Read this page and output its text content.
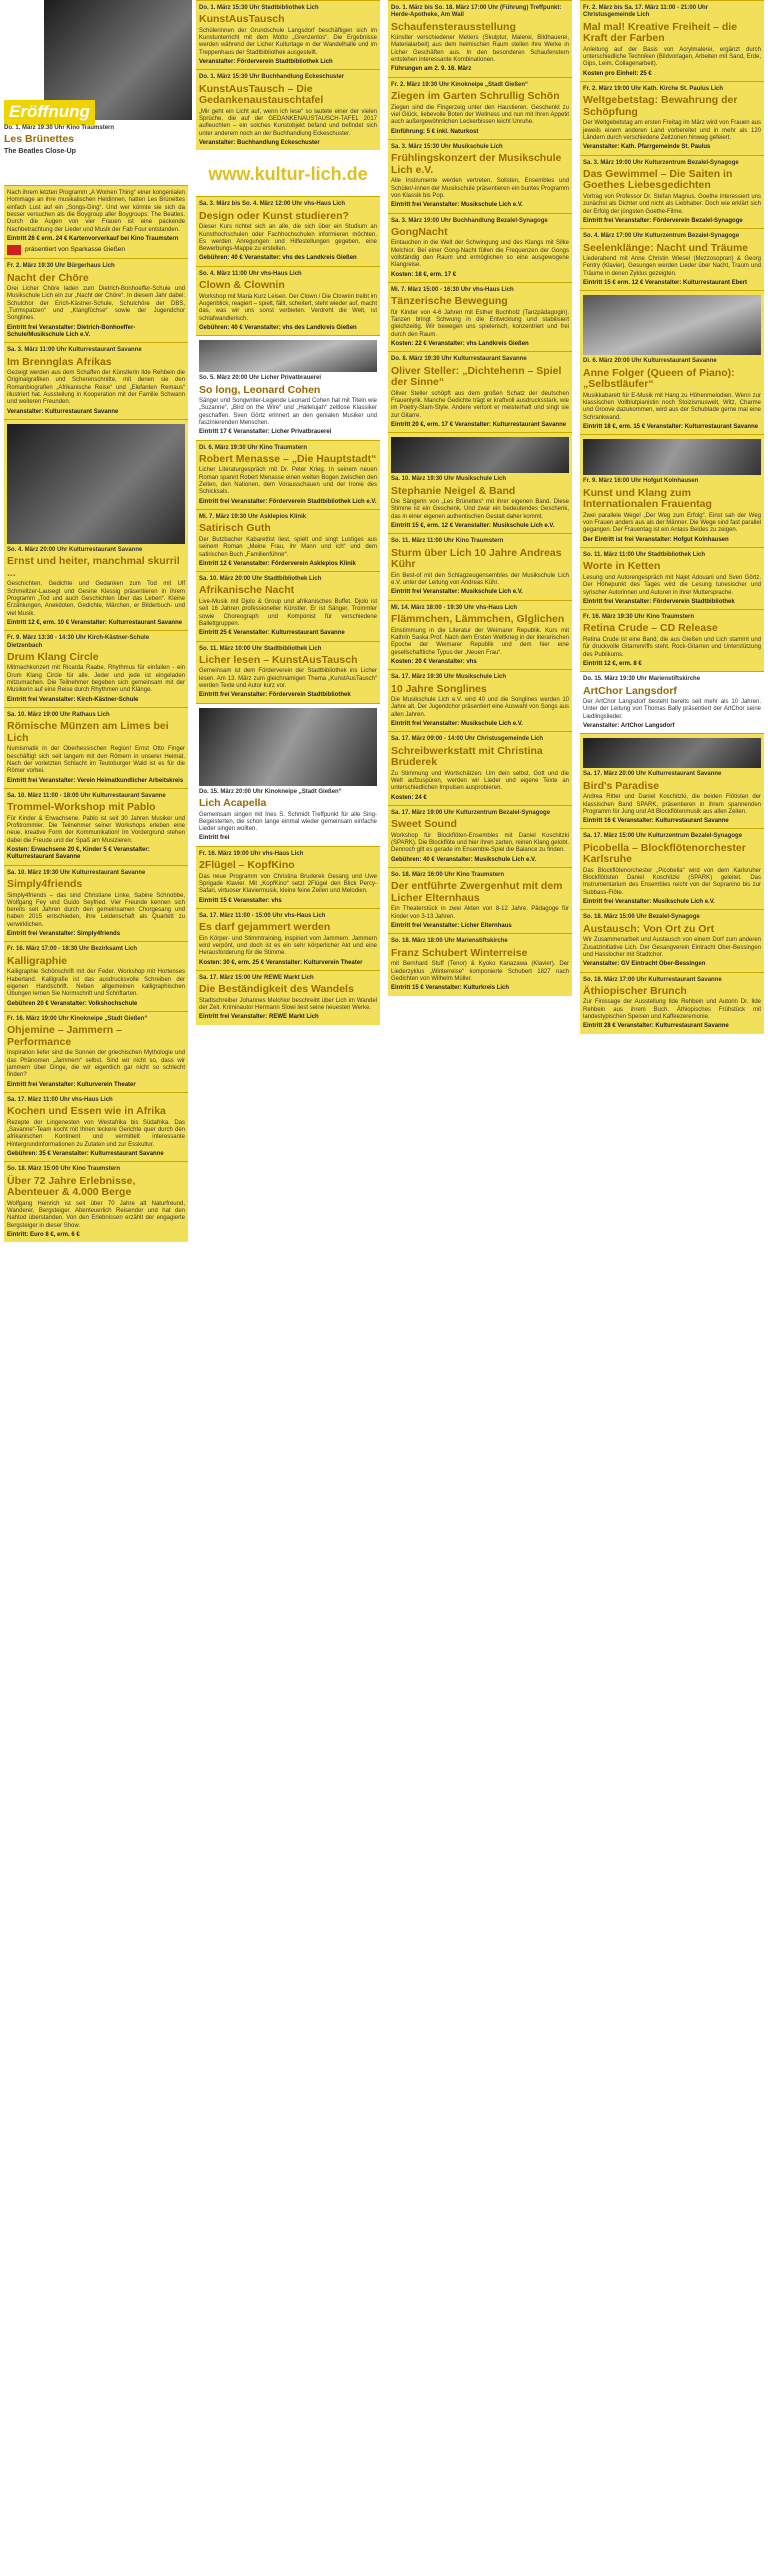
Eröffnung
Do. 1. März 19:30 Uhr Kino Traumstern
Les Brünettes
The Beatles Close-Up
Nach ihrem letzten Programm „A Women Thing“ einer kongenialen Hommage an ihre musikalischen Heldinnen, hatten Les Brünettes einfach Lust auf ein „Songs-Ding“. Und wer könnte sie sich da besser versuchen als die Boygroup aller Boygroups: The Beatles. Durch die Augen von vier Frauen ist eine packende Nachbetrachtung der Lieder und Musik der Fab Four entstanden.
Eintritt 26 € erm. 24 € Kartenvorverkauf bei Kino Traumstern
präsentiert von Sparkasse Gießen
Fr. 2. März 19:30 Uhr Bürgerhaus Lich
Nacht der Chöre
Drei Licher Chöre laden zum Dietrich-Bonhoeffer-Schule und Musikschule Lich ein zur „Nacht der Chöre“. In diesem Jahr dabei: Schulchor der Erich-Kästner-Schule, Schulchöre der DBS, „Turmspatzen“ und „Klangfüchse“ sowie der Jugendchor Songlines.
Eintritt frei Veranstalter: Dietrich-Bonhoeffer-Schule/Musikschule Lich e.V.
Sa. 3. März 11:00 Uhr Kulturrestaurant Savanne
Im Brennglas Afrikas
Gezeigt werden aus dem Schaffen der Künstlerin Ilde Rehbein die Originalgrafiken und Scherenschnitte, mit denen sie den Romanbiografien „Afrikanische Reise“ und „Elefanten Remaus“ illustriert hat. Ausstellung in Kooperation mit der Familie Schwann und weiteren Freunden.
Veranstalter: Kulturrestaurant Savanne
So. 4. März 20:00 Uhr Kulturrestaurant Savanne
Ernst und heiter, manchmal skurril ...
Geschichten, Gedichte und Gedanken zum Tod mit Ulf Schmeltzer-Lausegt und Gesine Klessig präsentieren in ihrem Programm „Tod und auch Geschichten über das Leben“. Kleine Erzählungen, Anekdoten, Gedichte, Märchen, er Bilderbuch- und viel Musik.
Eintritt 12 €, erm. 10 € Veranstalter: Kulturrestaurant Savanne
Fr. 9. März 13:30 - 14:30 Uhr Kirch-Kästner-Schule Dietzenbach
Drum Klang Circle
Mitmachkonzert mit Ricarda Raabe. Rhythmus für einfallen - ein Drum Klang Circle für alle. Jeder und jede ist eingeladen mitzumachen. Die Teilnehmer begeben sich gemeinsam mit der Musikerin auf eine Reise durch Rhythmen und Klänge.
Eintritt frei Veranstalter: Kirch-Kästner-Schule
Sa. 10. März 19:00 Uhr Rathaus Lich
Römische Münzen am Limes bei Lich
Numismatik in der Oberhessischen Region! Ernst Otto Finger beschäftigt sich seit langem mit den Römern in unserer Heimat. Nach der vorletzten Schlacht im Teutoburger Wald ist es für die Römer vorbei.
Eintritt frei Veranstalter: Verein Heimatkundlicher Arbeitskreis
Sa. 10. März 11:00 - 18:00 Uhr Kulturrestaurant Savanne
Trommel-Workshop mit Pablo
Für Kinder & Erwachsene. Pablo ist seit 30 Jahren Musiker und Profitrommler. Die Teilnehmer seiner Workshops erleben eine neue, kreative Form der Kommunikation! Im Vordergrund stehen dabei die Freude und der Spaß am Musizieren.
Kosten: Erwachsene 20 €, Kinder 5 € Veranstalter: Kulturrestaurant Savanne
Sa. 10. März 19:30 Uhr Kulturrestaurant Savanne
Simply4friends
Simply4friends – das sind Christiane Linke, Sabine Schnobbe, Wolfgang Fey und Guido Seyfried. Vier Freunde kennen sich bereits seit Jahren durch den gemeinsamen Chorgesang und haben 2015 entschieden, ihre Leidenschaft als Quartett zu verwirklichen.
Eintritt frei Veranstalter: Simply4friends
Fr. 16. März 17:00 - 18:30 Uhr Bezirksamt Lich
Kalligraphie
Kalligraphie Schönschrift mit der Feder. Workshop mit Hortenses Haberland. Kalligrafie ist das ausdrucksvolle Schreiben der eigenen Handschrift. Neben allgemeinen kalligraphischen Übungen lernen Sie Normschrift und Schriftarten.
Gebühren 20 € Veranstalter: Volkshochschule
Fr. 16. März 19:00 Uhr Kinokneipe „Stadt Gießen“
Ohjemine – Jammern – Performance
Inspiration liefer sind die Sonnen der griechischen Mythologie und das Phänomen „Jammern“ selbst. Sind wir nicht so, dass wir jammern über Dinge, die wir eigentlich gar nicht so schlecht finden?
Eintritt frei Veranstalter: Kulturverein Theater
Sa. 17. März 11:00 Uhr vhs-Haus Lich
Kochen und Essen wie in Afrika
Rezepte der Lingenesten von Westafrika bis Südafrika. Das „Savanne“-Team kocht mit Ihnen leckere Gerichte quer durch den afrikanischen Kontinent und vermittelt interessante Hintergrundinformationen zu Zutaten und zur Esskultur.
Gebühren: 35 € Veranstalter: Kulturrestaurant Savanne
So. 18. März 15:00 Uhr Kino Traumstern
Über 72 Jahre Erlebnisse, Abenteuer & 4.000 Berge
Wolfgang Heinrich ist seit über 70 Jahre alt Naturfreund, Wanderer, Bergsteiger. Abenteuerlich Reisender und hat den Nahtod überstanden. Von den Erlebnissen erzählt der engagierte Bergsteiger in dieser Show.
Eintritt: Euro 8 €, erm. 6 €
Do. 1. März 15:30 Uhr Stadtbibliothek Lich
KunstAusTausch
Schülerinnen der Grundschule Langsdorf beschäftigen sich im Kunstunterricht mit dem Motto „Grenzenlos“. Die Ergebnisse werden während der Licher Kulturtage in der Wandelhalle und im Treppenhaus der Stadtbibliothek ausgestellt.
Veranstalter: Förderverein Stadtbibliothek Lich
Do. 1. März 15:30 Uhr Buchhandlung Eckeschuster
KunstAusTausch – Die Gedankenaustauschtafel
„Mir geht ein Licht auf, wenn ich lese“ so lautete einer der vielen Sprüche, die auf der GEDANKENAUSTAUSCH-TAFEL 2017 aufleuchten – ein solches Kunstobjekt befand und befindet sich unter anderem noch an der Buchhandlung Eckeschuster.
Veranstalter: Buchhandlung Eckeschuster
www.kultur-lich.de
Sa. 3. März bis So. 4. März 12:00 Uhr vhs-Haus Lich
Design oder Kunst studieren?
Dieser Kurs richtet sich an alle, die sich über ein Studium an Kunsthochschulen oder Fachhochschulen informieren möchten. Es werden Anregungen und Hilfestellungen gegeben, eine Bewerbungs-Mappe zu erstellen.
Gebühren: 40 € Veranstalter: vhs des Landkreis Gießen
So. 4. März 11:00 Uhr vhs-Haus Lich
Clown & Clownin
Workshop mit Maria Kurz Leisen. Der Clown / Die Clownin treibt im Augenblick, reagiert – spielt, fällt, scheitert, steht wieder auf, macht das, was wir uns sonst verbieten. Verdreht die Welt, ist schlafwandlerisch.
Gebühren: 40 € Veranstalter: vhs des Landkreis Gießen
So. 5. März 20:00 Uhr Licher Privatbrauerei
So long, Leonard Cohen
Sänger und Songwriter-Legende Leonard Cohen hat mit Titeln wie „Suzanne“, „Bird on the Wire“ und „Hallelujah“ zeitlose Klassiker geschaffen. Sven Görtz erinnert an den genialen Musiker und faszinierenden Menschen.
Eintritt 17 € Veranstalter: Licher Privatbrauerei
Di. 6. März 19:30 Uhr Kino Traumstern
Robert Menasse – „Die Hauptstadt“
Licher Literaturgespräch mit Dr. Peter Krieg. In seinem neuen Roman spannt Robert Menasse einen weiten Bogen zwischen den Zeiten, den Nationen, dem Vorausschauen und der Ironie des Schicksals.
Eintritt frei Veranstalter: Förderverein Stadtbibliothek Lich e.V.
Mi. 7. März 19:30 Uhr Asklepios Klinik
Satirisch Guth
Der Butzbacher Kabarettist liest, spielt und singt Lustiges aus seinem Roman „Meine Frau, ihr Mann und ich“ und dem satirischen Buch „Familienführer“.
Eintritt 12 € Veranstalter: Förderverein Asklepios Klinik
Sa. 10. März 20:00 Uhr Stadtbibliothek Lich
Afrikanische Nacht
Live-Musik mit Djolo & Group und afrikanisches Buffet. Djolo ist seit 16 Jahren professioneller Künstler. Er ist Sänger, Trommler sowie Choreograph und Komponist für verschiedene Ballettgruppen.
Eintritt 25 € Veranstalter: Kulturrestaurant Savanne
So. 11. März 10:00 Uhr Stadtbibliothek Lich
Licher lesen – KunstAusTausch
Gemeinsam ist dem Förderverein der Stadtbibliothek ins Licher lesen. Am 13. März zum gleichnamigen Thema „KunstAusTausch“ werden Texte und Autor kurz vor.
Eintritt frei Veranstalter: Förderverein Stadtbibliothek
Do. 15. März 20:00 Uhr Kinokneipe „Stadt Gießen“
Lich Acapella
Gemeinsam singen mit Ines S. Schmidt Treffpunkt für alle Sing-Begeisterten, die schon lange einmal wieder gemeinsam einfache Lieder singen wollten.
Eintritt frei
Fr. 16. März 19:00 Uhr vhs-Haus Lich
2Flügel – KopfKino
Das neue Programm von Christina Bruderek Gesang und Uwe Sprigade Klavier. Mit „KopfKino“ setzt 2Flügel den Blick Percy-Safari, virtuoser Klaviermusik, kleine feine Zeilen und Melodien.
Eintritt 15 € Veranstalter: vhs
Sa. 17. März 11:00 - 15:00 Uhr vhs-Haus Lich
Es darf gejammert werden
Ein Körper- und Stimmtraining, inspiriert vom Jammern. Jammern wird verpönt, und doch ist es ein sehr körperlicher Akt und eine Herausforderung für die Stimme.
Kosten: 30 €, erm. 25 € Veranstalter: Kulturverein Theater
Sa. 17. März 15:00 Uhr REWE Markt Lich
Die Beständigkeit des Wandels
Stadtschreiber Johannes Melchior beschreibt über Lich im Wandel der Zeit. Kriminautor Hermann Slowi liest seine neuesten Werke.
Eintritt frei Veranstalter: REWE Markt Lich
Do. 1. März bis So. 18. März 17:00 Uhr (Führung) Treffpunkt: Herde-Apotheke, Am Wall
Schaufensterausstellung
Künstler verschiedener Metiers (Skulptur, Malerei, Bildhauerei, Materialarbeit) aus dem heimischen Raum stellen ihre Werke in Licher Geschäften aus. In den besonderen Schaufenstern entstehen interessante Kombinationen.
Führungen am 2. 9. 16. März
Fr. 2. März 19:30 Uhr Kinokneipe „Stadt Gießen“
Ziegen im Garten Schrullig Schön
Ziegen sind die Fingerzeig unter den Haustieren. Geschenkt zu viel Glück, liebevolle Boten der Wellness und nun mit Ihren Appetit auch außergewöhnlichen Leckerbissen leicht Unruhe.
Einführung: 5 € inkl. Naturkost
Sa. 3. März 15:30 Uhr Musikschule Lich
Frühlingskonzert der Musikschule Lich e.V.
Alle Instrumente werden vertreten, Solisten, Ensembles und Schüler/-innen der Musikschule präsentieren ein buntes Programm von Klassik bis Pop.
Eintritt frei Veranstalter: Musikschule Lich e.V.
Sa. 3. März 19:00 Uhr Buchhandlung Bezalel-Synagoge
GongNacht
Eintauchen in die Welt der Schwingung und des Klangs mit Silke Melchior. Bei einer Gong-Nacht füllen die Frequenzen der Gongs vollständig den Raum und ermöglichen so eine ausgewogene Klangreise.
Kosten: 18 €, erm. 17 €
Mi. 7. März 15:00 - 16:30 Uhr vhs-Haus Lich
Tänzerische Bewegung
für Kinder von 4-6 Jahren mit Esther Buchholz (Tanzpädagogin). Tanzen bringt Schwung in die Entwicklung und stabilisiert gleichzeitig. Wir bewegen uns spielerisch, konzentriert und frei durch den Raum.
Kosten: 22 € Veranstalter: vhs Landkreis Gießen
Do. 8. März 19:30 Uhr Kulturrestaurant Savanne
Oliver Steller: „Dichtehenn – Spiel der Sinne“
Oliver Steller schöpft aus dem großen Schatz der deutschen Frauenlyrik. Manche Gedichte trägt er kraftvoll ausdrucksstark, wie im Poetry-Slam-Style. Andere vertont er meisterhaft und singt sie zur Gitarre.
Eintritt 20 €, erm. 17 € Veranstalter: Kulturrestaurant Savanne
Sa. 10. März 19:30 Uhr Musikschule Lich
Stephanie Neigel & Band
Die Sängerin von „Les Brünettes“ mit ihrer eigenen Band. Diese Stimme ist ein Geschenk. Und zwar ein bedeutendes Geschenk, das in einer eigenen authentischen Gestalt daher kommt.
Eintritt 15 €, erm. 12 € Veranstalter: Musikschule Lich e.V.
So. 11. März 11:00 Uhr Kino Traumstern
Sturm über Lich 10 Jahre Andreas Kühr
Ein Best-of mit den Schlagzeugensembles der Musikschule Lich e.V. unter der Leitung von Andreas Kühr.
Eintritt frei Veranstalter: Musikschule Lich e.V.
Mi. 14. März 18:00 - 19:30 Uhr vhs-Haus Lich
Flämmchen, Lämmchen, Glglichen
Einstimmung in die Literatur der Weimarer Republik. Kurs mit Kathrin Saska Prof. Nach dem Ersten Weltkrieg in der literarischen Epoche der Weimarer Republik und dem hier eine gesellschaftliche Typus der „Neuen Frau“.
Kosten: 20 € Veranstalter: vhs
Sa. 17. März 19:30 Uhr Musikschule Lich
10 Jahre Songlines
Die Musikschule Lich e.V. wird 40 und die Songlines werden 10 Jahre alt. Der Jugendchor präsentiert eine Auswahl von Songs aus allen Jahren.
Eintritt frei Veranstalter: Musikschule Lich e.V.
Sa. 17. März 09:00 - 14:00 Uhr Christusgemeinde Lich
Schreibwerkstatt mit Christina Bruderek
Zu Stimmung und Wortschätzen. Um dein selbst, Gott und die Welt aufzuspüren, werden wir Lieder und eigene Texte an unterschiedlichen Impulsen ausprobieren.
Kosten: 24 €
Sa. 17. März 19:00 Uhr Kulturzentrum Bezalel-Synagoge
Sweet Sound
Workshop für Blockflöten-Ensembles mit Daniel Koschitzki (SPARK). Die Blockflöte und hier ihren zarten, reinen Klang gelobt. Dennoch gilt es gerade im Ensemble-Spiel die Balance zu finden.
Gebühren: 40 € Veranstalter: Musikschule Lich e.V.
So. 18. März 16:00 Uhr Kino Traumstern
Der entführte Zwergenhut mit dem Licher Elternhaus
Ein Theaterstück in zwei Akten von 8-12 Jahre. Pädagoge für Kinder von 3-13 Jahren.
Eintritt frei Veranstalter: Licher Elternhaus
So. 18. März 18:00 Uhr Marienstiftskirche
Franz Schubert Winterreise
mit Bernhard Stuff (Tenor) & Kyoko Kanazawa (Klavier). Der Liederzyklus „Winterreise“ komponierte Schubert 1827 nach Gedichten von Wilhelm Müller.
Eintritt 15 € Veranstalter: Kulturkreis Lich
Fr. 2. März bis Sa. 17. März 11:00 - 21:00 Uhr Christusgemeinde Lich
Mal mal! Kreative Freiheit – die Kraft der Farben
Anleitung auf der Basis von Acrylmalerei, ergänzt durch unterschiedliche Techniken (Bildvorlagen, Arbeiten mit Sand, Erde, Gips, Leim, Collagenarbeit).
Kosten pro Einheit: 25 €
Fr. 2. März 19:00 Uhr Kath. Kirche St. Paulus Lich
Weltgebetstag: Bewahrung der Schöpfung
Der Weltgebetstag am ersten Freitag im März wird von Frauen aus jeweils einem anderen Land vorbereitet und in mehr als 120 Ländern durch verschiedene Zeitzonen hinweg gefeiert.
Veranstalter: Kath. Pfarrgemeinde St. Paulus
Sa. 3. März 19:00 Uhr Kulturzentrum Bezalel-Synagoge
Das Gewimmel – Die Saiten in Goethes Liebesgedichten
Vortrag von Professor Dr. Stefan Magnus. Goethe interessiert uns zunächst als Dichter und nicht als Liebhaber. Doch wie erklärt sich der Erfolg der jüngsten Goethe-Filme.
Eintritt frei Veranstalter: Förderverein Bezalel-Synagoge
So. 4. März 17:00 Uhr Kulturzentrum Bezalel-Synagoge
Seelenklänge: Nacht und Träume
Liederabend mit Anne Christin Wiesel (Mezzosopran) & Georg Fentry (Klavier). Gesungen werden Lieder über Nacht, Traum und Träume in denen Zyklus gezeigten.
Eintritt 15 € erm. 12 € Veranstalter: Kulturrestaurant Ebert
Di. 6. März 20:00 Uhr Kulturrestaurant Savanne
Anne Folger (Queen of Piano): „Selbstläufer“
Musikkabarett für E-Musik mit Hang zu Höhenmelodien. Wenn zur klassischen Vollblutpianistin noch Stoizismuswelt, Witz, Charme und Groove dazukommen, wird aus der Schublade gerne mal eine Schrankwand.
Eintritt 18 €, erm. 15 € Veranstalter: Kulturrestaurant Savanne
Fr. 9. März 16:00 Uhr Hofgut Kolnhausen
Kunst und Klang zum Internationalen Frauentag
Zwei parallele Wege! „Der Weg zum Erfolg“. Einst sah der Weg von Frauen anders aus als der Männer. Die Wege sind fast parallel gegangen. Der Frauentag ist ein Anlass Beides zu zeigen.
Der Eintritt ist frei Veranstalter: Hofgut Kolnhausen
So. 11. März 11:00 Uhr Stadtbibliothek Lich
Worte in Ketten
Lesung und Autorengespräch mit Najet Adouani und Sven Görtz. Der Höhepunkt des Tages wird die Lesung tunesischer und syrischer Autorinnen und Autoren in ihrer Muttersprache.
Eintritt frei Veranstalter: Förderverein Stadtbibliothek
Fr. 16. März 19:30 Uhr Kino Traumstern
Retina Crude – CD Release
Retina Crude ist eine Band, die aus Gießen und Lich stammt und für druckvolle Gitarrenriffs steht. Rock-Gitarren und Unterstützung des Publikums.
Eintritt 12 €, erm. 8 €
Do. 15. März 19:30 Uhr Marienstiftskirche
ArtChor Langsdorf
Der ArtChor Langsdorf besteht bereits seit mehr als 10 Jahren. Unter der Leitung von Thomas Bally präsentiert der ArtChor seine Liedlingslieder.
Veranstalter: ArtChor Langsdorf
Sa. 17. März 20:00 Uhr Kulturrestaurant Savanne
Bird's Paradise
Andrea Ritter und Daniel Koschitzki, die beiden Flötisten der klassischen Band SPARK, präsentieren in ihrem spannenden Programm für Jung und Alt Blockflötenmusik aus allen Zeiten.
Eintritt 16 € Veranstalter: Kulturrestaurant Savanne
Sa. 17. März 15:00 Uhr Kulturzentrum Bezalel-Synagoge
Picobella – Blockflötenorchester Karlsruhe
Das Blockflötenorchester „Picobella“ wird von dem Karlsruher Blockflötisten Daniel Koschitzki (SPARK) geleitet. Das Instrumentarium des Ensembles reicht von der Sopranino bis zur Subbass-Flöte.
Eintritt frei Veranstalter: Musikschule Lich e.V.
So. 18. März 15:00 Uhr Bezalel-Synagoge
Austausch: Von Ort zu Ort
Wir Zusammenarbeit und Austausch von einem Dorf zum anderen Zusatzinitiative Lich. Der Gesangverein Eintracht Ober-Bessingen und Hasslocher mit Stadtchor.
Veranstalter: GV Eintracht Ober-Bessingen
So. 18. März 17:00 Uhr Kulturrestaurant Savanne
Äthiopischer Brunch
Zur Finissage der Ausstellung Ilde Rehbein und Autorin Dr. Ilde Rehbein aus ihrem Buch. Äthiopisches Frühstück mit landestypischen Speisen und Kaffeezeremonie.
Eintritt 28 € Veranstalter: Kulturrestaurant Savanne
